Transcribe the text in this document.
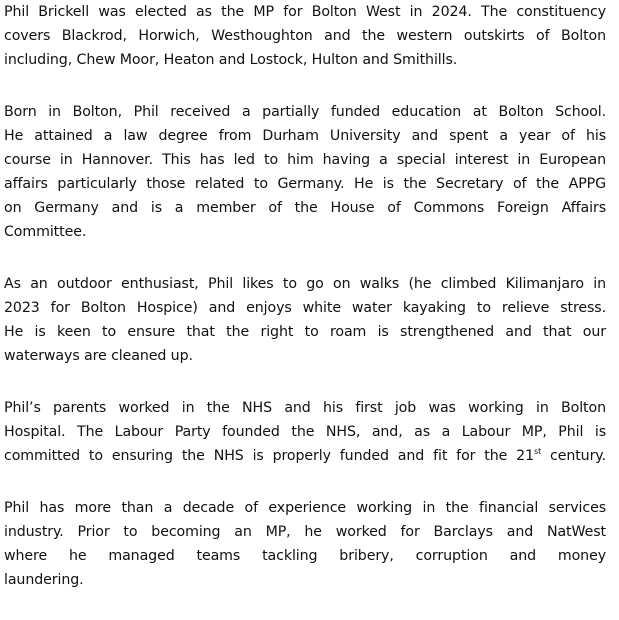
Phil Brickell was elected as the MP for Bolton West in 2024. The constituency
covers Blackrod, Horwich, Westhoughton and the western outskirts of Bolton
including, Chew Moor, Heaton and Lostock, Hulton and Smithills.
Born in Bolton, Phil received a partially funded education at Bolton School.
He attained a law degree from Durham University and spent a year of his
course in Hannover. This has led to him having a special interest in European
affairs particularly those related to Germany. He is the Secretary of the APPG
on Germany and is a member of the House of Commons Foreign Affairs
Committee.
As an outdoor enthusiast, Phil likes to go on walks (he climbed Kilimanjaro in
2023 for Bolton Hospice) and enjoys white water kayaking to relieve stress.
He is keen to ensure that the right to roam is strengthened and that our
waterways are cleaned up.
Phil’s parents worked in the NHS and his first job was working in Bolton
Hospital. The Labour Party founded the NHS, and, as a Labour MP, Phil is
committed to ensuring the NHS is properly funded and fit for the 21st century.
Phil has more than a decade of experience working in the financial services
industry. Prior to becoming an MP, he worked for Barclays and NatWest
where he managed teams tackling bribery, corruption and money
laundering.
